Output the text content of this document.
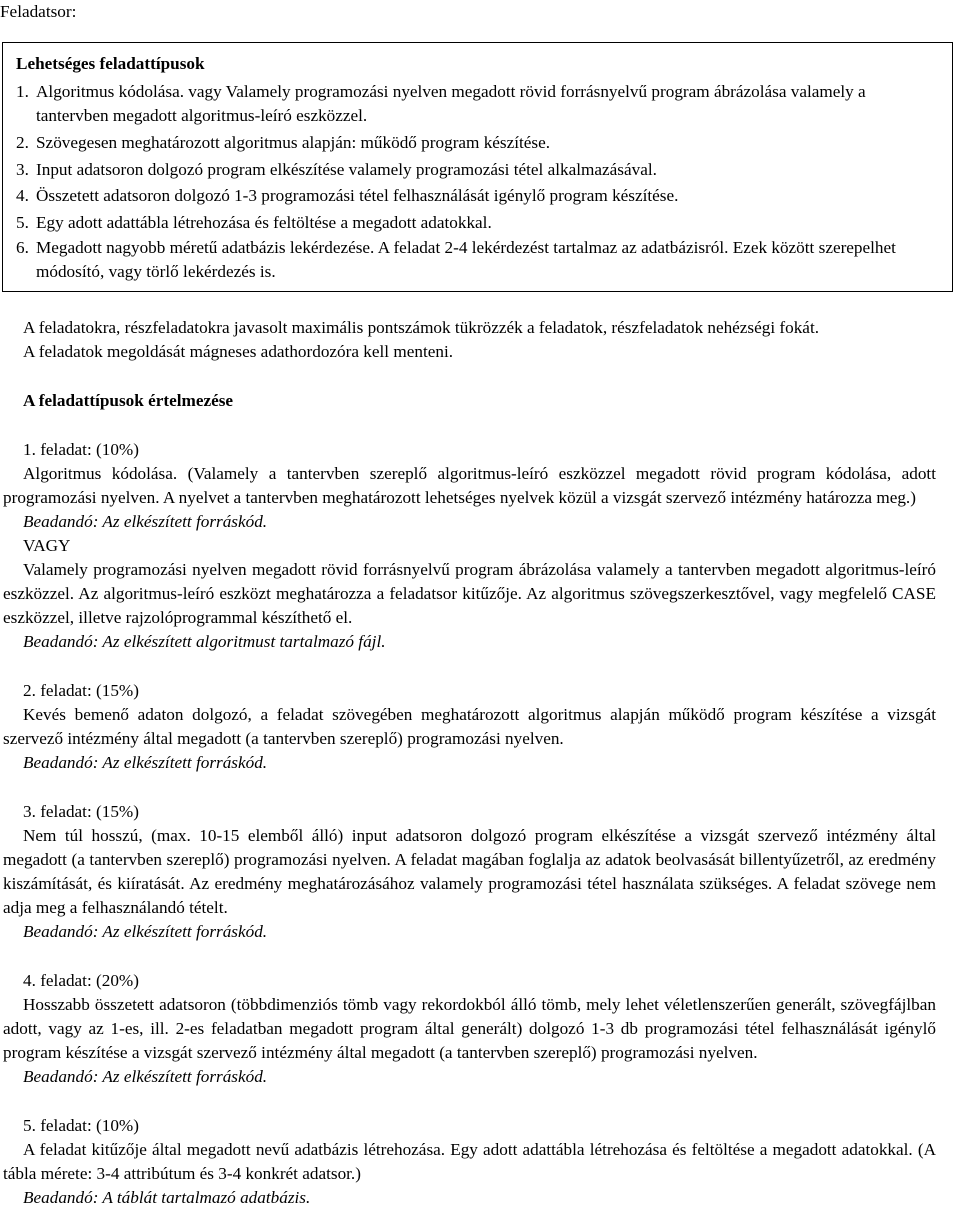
Feladatsor:

Lehetséges feladattípusok

1. Algoritmus kódolása. vagy Valamely programozási nyelven megadott rövid forrásnyelvű program ábrázolása valamely a tantervben megadott algoritmus-leíró eszközzel.
2. Szövegesen meghatározott algoritmus alapján: működő program készítése.
3. Input adatsoron dolgozó program elkészítése valamely programozási tétel alkalmazásával.
4. Összetett adatsoron dolgozó 1-3 programozási tétel felhasználását igénylő program készítése.
5. Egy adott adattábla létrehozása és feltöltése a megadott adatokkal.
6. Megadott nagyobb méretű adatbázis lekérdezése. A feladat 2-4 lekérdezést tartalmaz az adatbázisról. Ezek között szerepelhet módosító, vagy törlő lekérdezés is.

A feladatokra, részfeladatokra javasolt maximális pontszámok tükrözzék a feladatok, részfeladatok nehézségi fokát.

A feladatok megoldását mágneses adathordozóra kell menteni.

A feladattípusok értelmezése

1. feladat: (10%)

Algoritmus kódolása. (Valamely a tantervben szereplő algoritmus-leíró eszközzel megadott rövid program kódolása, adott programozási nyelven. A nyelvet a tantervben meghatározott lehetséges nyelvek közül a vizsgát szervező intézmény határozza meg.)

Beadandó: Az elkészített forráskód.

VAGY

Valamely programozási nyelven megadott rövid forrásnyelvű program ábrázolása valamely a tantervben megadott algoritmus-leíró eszközzel. Az algoritmus-leíró eszközt meghatározza a feladatsor kitűzője. Az algoritmus szövegszerkesztővel, vagy megfelelő CASE eszközzel, illetve rajzolóprogrammal készíthető el.

Beadandó: Az elkészített algoritmust tartalmazó fájl.

2. feladat: (15%)

Kevés bemenő adaton dolgozó, a feladat szövegében meghatározott algoritmus alapján működő program készítése a vizsgát szervező intézmény által megadott (a tantervben szereplő) programozási nyelven.

Beadandó: Az elkészített forráskód.

3. feladat: (15%)

Nem túl hosszú, (max. 10-15 elemből álló) input adatsoron dolgozó program elkészítése a vizsgát szervező intézmény által megadott (a tantervben szereplő) programozási nyelven. A feladat magában foglalja az adatok beolvasását billentyűzetről, az eredmény kiszámítását, és kiíratását. Az eredmény meghatározásához valamely programozási tétel használata szükséges. A feladat szövege nem adja meg a felhasználandó tételt.

Beadandó: Az elkészített forráskód.

4. feladat: (20%)

Hosszabb összetett adatsoron (többdimenziós tömb vagy rekordokból álló tömb, mely lehet véletlenszerűen generált, szövegfájlban adott, vagy az 1-es, ill. 2-es feladatban megadott program által generált) dolgozó 1-3 db programozási tétel felhasználását igénylő program készítése a vizsgát szervező intézmény által megadott (a tantervben szereplő) programozási nyelven.

Beadandó: Az elkészített forráskód.

5. feladat: (10%)

A feladat kitűzője által megadott nevű adatbázis létrehozása. Egy adott adattábla létrehozása és feltöltése a megadott adatokkal. (A tábla mérete: 3-4 attribútum és 3-4 konkrét adatsor.)

Beadandó: A táblát tartalmazó adatbázis.
